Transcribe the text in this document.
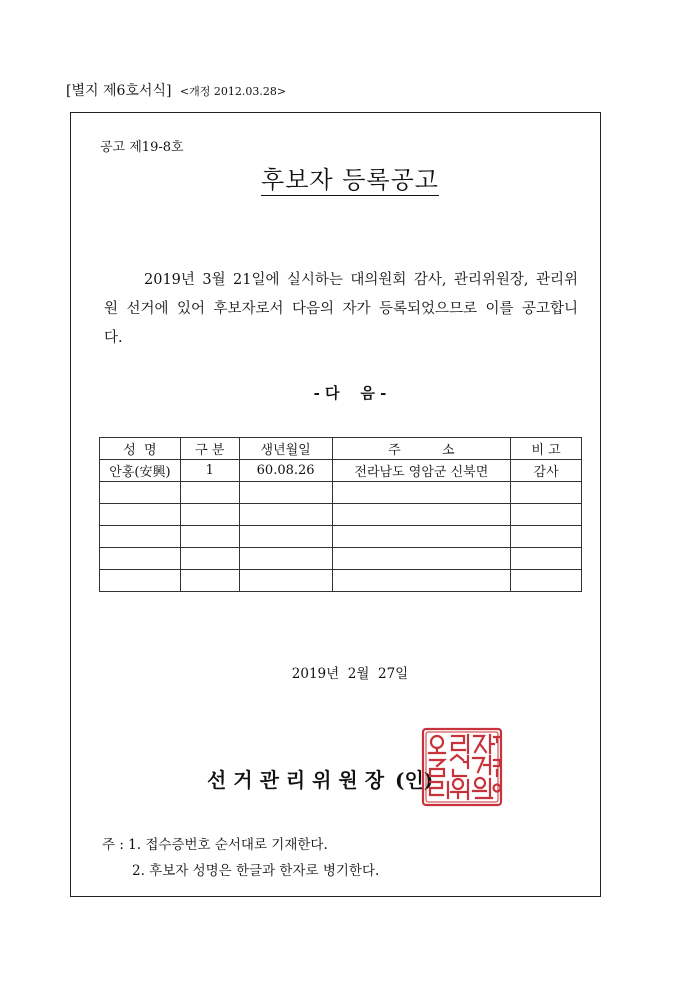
[별지 제6호서식] <개정 2012.03.28>
공고 제19-8호
후보자 등록공고
2019년 3월 21일에 실시하는 대의원회 감사, 관리위원장, 관리위원 선거에 있어 후보자로서 다음의 자가 등록되었으므로 이를 공고합니다.
- 다    음 -
성  명	구 분	생년월일	주          소	비 고
안홍(安興)	1	60.08.26	전라남도 영암군 신북면	감사

2019년  2월  27일
선 거 관 리 위 원 장 (인)
주 : 1. 접수증번호 순서대로 기재한다.
2. 후보자 성명은 한글과 한자로 병기한다.
